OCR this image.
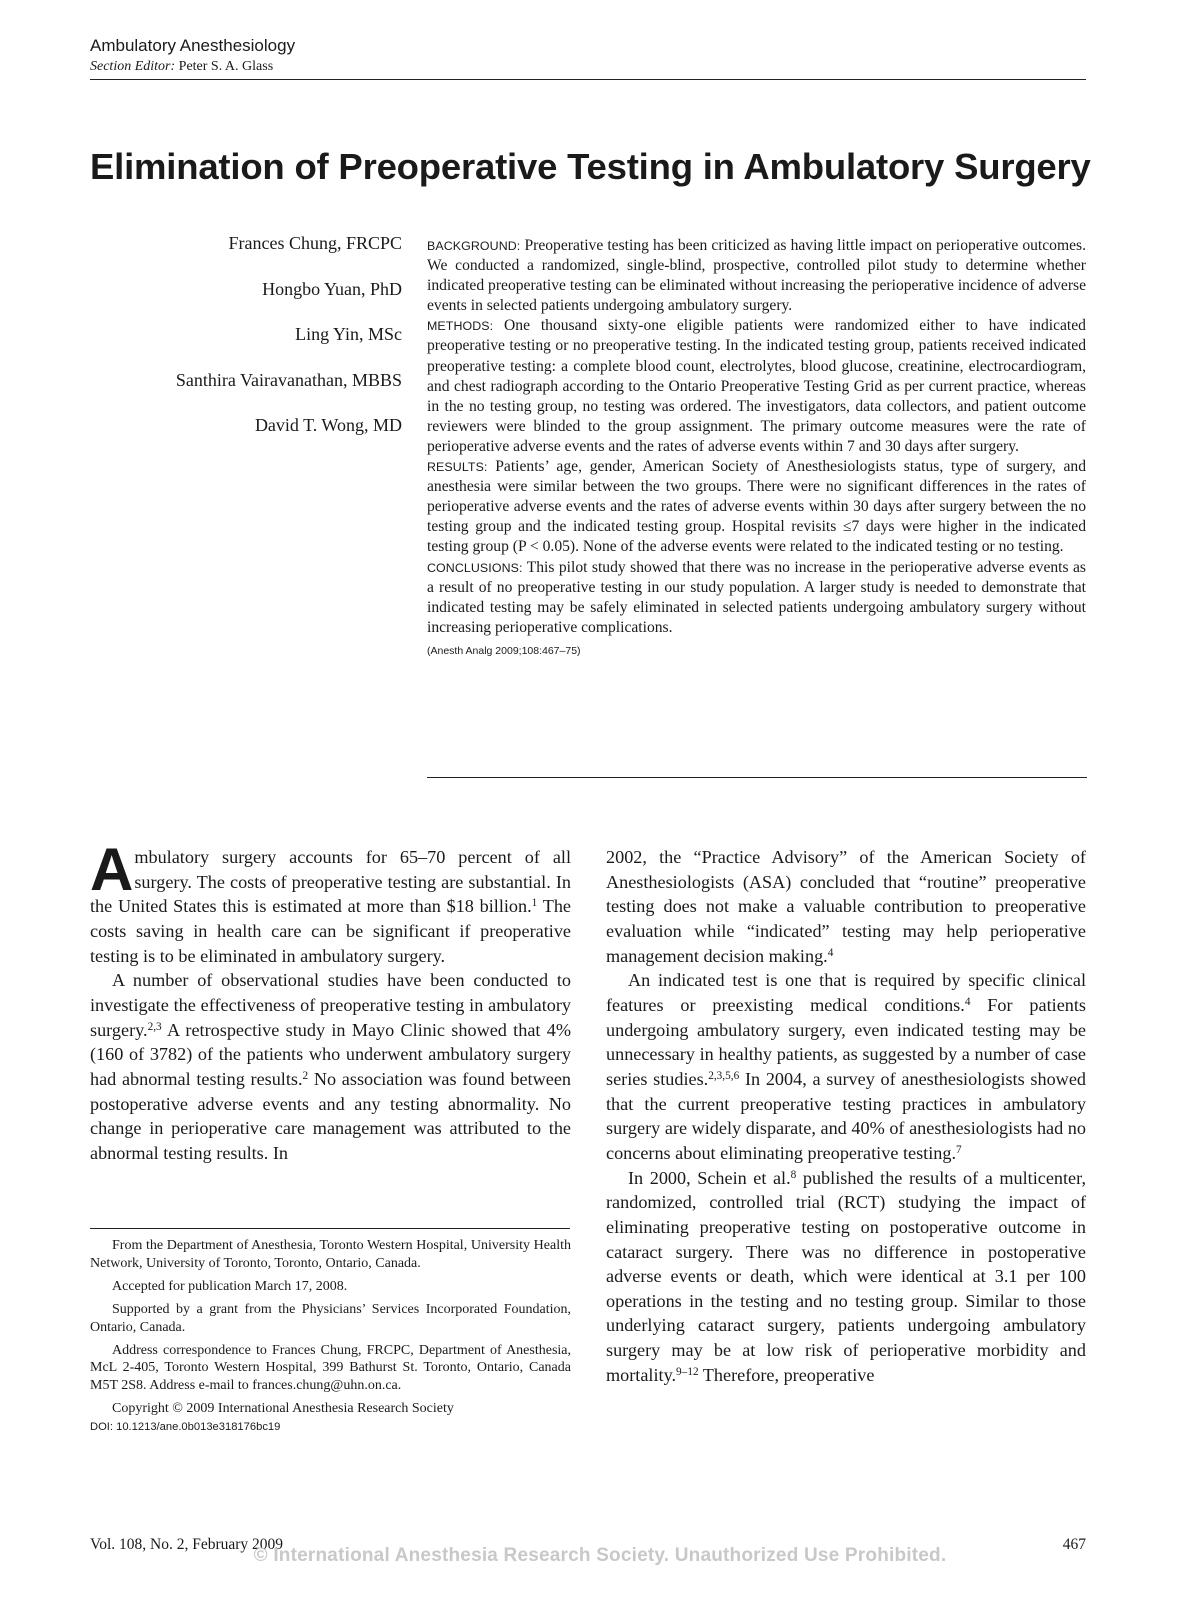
Ambulatory Anesthesiology
Section Editor: Peter S. A. Glass
Elimination of Preoperative Testing in Ambulatory Surgery
Frances Chung, FRCPC
Hongbo Yuan, PhD
Ling Yin, MSc
Santhira Vairavanathan, MBBS
David T. Wong, MD

BACKGROUND: Preoperative testing has been criticized as having little impact on perioperative outcomes. We conducted a randomized, single-blind, prospective, controlled pilot study to determine whether indicated preoperative testing can be eliminated without increasing the perioperative incidence of adverse events in selected patients undergoing ambulatory surgery.

METHODS: One thousand sixty-one eligible patients were randomized either to have indicated preoperative testing or no preoperative testing. In the indicated testing group, patients received indicated preoperative testing: a complete blood count, electrolytes, blood glucose, creatinine, electrocardiogram, and chest radiograph according to the Ontario Preoperative Testing Grid as per current practice, whereas in the no testing group, no testing was ordered. The investigators, data collectors, and patient outcome reviewers were blinded to the group assignment. The primary outcome measures were the rate of perioperative adverse events and the rates of adverse events within 7 and 30 days after surgery.

RESULTS: Patients’ age, gender, American Society of Anesthesiologists status, type of surgery, and anesthesia were similar between the two groups. There were no significant differences in the rates of perioperative adverse events and the rates of adverse events within 30 days after surgery between the no testing group and the indicated testing group. Hospital revisits ≤7 days were higher in the indicated testing group (P < 0.05). None of the adverse events were related to the indicated testing or no testing.

CONCLUSIONS: This pilot study showed that there was no increase in the perioperative adverse events as a result of no preoperative testing in our study population. A larger study is needed to demonstrate that indicated testing may be safely eliminated in selected patients undergoing ambulatory surgery without increasing perioperative complications.

(Anesth Analg 2009;108:467–75)

Ambulatory surgery accounts for 65–70 percent of all surgery. The costs of preoperative testing are substantial. In the United States this is estimated at more than $18 billion.$^1$ The costs saving in health care can be significant if preoperative testing is to be eliminated in ambulatory surgery.

A number of observational studies have been conducted to investigate the effectiveness of preoperative testing in ambulatory surgery.$^{2,3}$ A retrospective study in Mayo Clinic showed that 4% (160 of 3782) of the patients who underwent ambulatory surgery had abnormal testing results.$^2$ No association was found between postoperative adverse events and any testing abnormality. No change in perioperative care management was attributed to the abnormal testing results. In

2002, the “Practice Advisory” of the American Society of Anesthesiologists (ASA) concluded that “routine” preoperative testing does not make a valuable contribution to preoperative evaluation while “indicated” testing may help perioperative management decision making.$^4$

An indicated test is one that is required by specific clinical features or preexisting medical conditions.$^4$ For patients undergoing ambulatory surgery, even indicated testing may be unnecessary in healthy patients, as suggested by a number of case series studies.$^{2,3,5,6}$ In 2004, a survey of anesthesiologists showed that the current preoperative testing practices in ambulatory surgery are widely disparate, and 40% of anesthesiologists had no concerns about eliminating preoperative testing.$^7$

In 2000, Schein et al.$^8$ published the results of a multicenter, randomized, controlled trial (RCT) studying the impact of eliminating preoperative testing on postoperative outcome in cataract surgery. There was no difference in postoperative adverse events or death, which were identical at 3.1 per 100 operations in the testing and no testing group. Similar to those underlying cataract surgery, patients undergoing ambulatory surgery may be at low risk of perioperative morbidity and mortality.$^{9-12}$ Therefore, preoperative

From the Department of Anesthesia, Toronto Western Hospital, University Health Network, University of Toronto, Toronto, Ontario, Canada.

Accepted for publication March 17, 2008.

Supported by a grant from the Physicians’ Services Incorporated Foundation, Ontario, Canada.

Address correspondence to Frances Chung, FRCPC, Department of Anesthesia, McL 2-405, Toronto Western Hospital, 399 Bathurst St. Toronto, Ontario, Canada M5T 2S8. Address e-mail to frances.chung@uhn.on.ca.

Copyright © 2009 International Anesthesia Research Society

DOI: 10.1213/ane.0b013e318176bc19

Vol. 108, No. 2, February 2009	467
© International Anesthesia Research Society. Unauthorized Use Prohibited.
